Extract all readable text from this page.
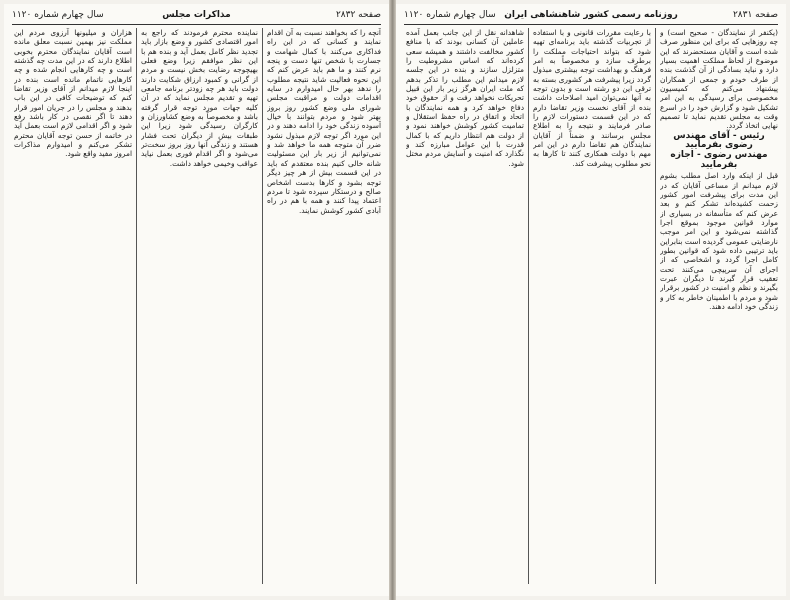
صفحه ۲۸۳۲
مذاکرات مجلس
سال چهارم شماره ۱۱۲۰

آنچه را که بخواهند نسبت به آن اقدام نمایند و کسانی که در این راه فداکاری می‌کنند با کمال شهامت و جسارت با شخص تنها دست و پنجه نرم کنند و ما هم باید عرض کنم که این نحوه فعالیت شاید نتیجه مطلوب را ندهد بهر حال امیدوارم در سایه اقدامات دولت و مراقبت مجلس شورای ملی وضع کشور روز بروز بهتر شود و مردم بتوانند با خیال آسوده زندگی خود را ادامه دهند و در این مورد اگر توجه لازم مبذول نشود ضرر آن متوجه همه ما خواهد شد و نمی‌توانیم از زیر بار این مسئولیت شانه خالی کنیم بنده معتقدم که باید در این قسمت بیش از هر چیز دیگر توجه بشود و کارها بدست اشخاص صالح و درستکار سپرده شود تا مردم اعتماد پیدا کنند و همه با هم در راه آبادی کشور کوشش نمایند.

نماینده محترم فرمودند که راجع به امور اقتصادی کشور و وضع بازار باید تجدید نظر کامل بعمل آید و بنده هم با این نظر موافقم زیرا وضع فعلی بهیچوجه رضایت بخش نیست و مردم از گرانی و کمبود ارزاق شکایت دارند دولت باید هر چه زودتر برنامه جامعی تهیه و تقدیم مجلس نماید که در آن کلیه جهات مورد توجه قرار گرفته باشد و مخصوصاً به وضع کشاورزان و کارگران رسیدگی شود زیرا این طبقات بیش از دیگران تحت فشار هستند و زندگی آنها روز بروز سخت‌تر می‌شود و اگر اقدام فوری بعمل نیاید عواقب وخیمی خواهد داشت.

هزاران و میلیونها آرزوی مردم این مملکت نیز بهمین نسبت معلق مانده است آقایان نمایندگان محترم بخوبی اطلاع دارند که در این مدت چه گذشته است و چه کارهایی انجام شده و چه کارهایی ناتمام مانده است بنده در اینجا لازم میدانم از آقای وزیر تقاضا کنم که توضیحات کافی در این باب بدهند و مجلس را در جریان امور قرار دهند تا اگر نقصی در کار باشد رفع شود و اگر اقدامی لازم است بعمل آید در خاتمه از حسن توجه آقایان محترم تشکر می‌کنم و امیدوارم مذاکرات امروز مفید واقع شود.

صفحه ۲۸۳۱
روزنامه رسمی کشور شاهنشاهی ایران
سال چهارم شماره ۱۱۲۰

(یکنفر از نمایندگان - صحیح است) و چه روزهایی که برای این منظور صرف شده است و آقایان مستحضرند که این موضوع از لحاظ مملکت اهمیت بسیار دارد و نباید بسادگی از آن گذشت بنده از طرف خودم و جمعی از همکاران پیشنهاد می‌کنم که کمیسیون مخصوصی برای رسیدگی به این امر تشکیل شود و گزارش خود را در اسرع وقت به مجلس تقدیم نماید تا تصمیم نهایی اتخاذ گردد.

رئیس - آقای مهندس رضوی بفرمایید

مهندس رضوی - اجازه بفرمایید

قبل از اینکه وارد اصل مطلب بشوم لازم میدانم از مساعی آقایان که در این مدت برای پیشرفت امور کشور زحمت کشیده‌اند تشکر کنم و بعد عرض کنم که متأسفانه در بسیاری از موارد قوانین موجود بموقع اجرا گذاشته نمی‌شود و این امر موجب نارضایتی عمومی گردیده است بنابراین باید ترتیبی داده شود که قوانین بطور کامل اجرا گردد و اشخاصی که از اجرای آن سرپیچی می‌کنند تحت تعقیب قرار گیرند تا دیگران عبرت بگیرند و نظم و امنیت در کشور برقرار شود و مردم با اطمینان خاطر به کار و زندگی خود ادامه دهند.

با رعایت مقررات قانونی و با استفاده از تجربیات گذشته باید برنامه‌ای تهیه شود که بتواند احتیاجات مملکت را برطرف سازد و مخصوصاً به امر فرهنگ و بهداشت توجه بیشتری مبذول گردد زیرا پیشرفت هر کشوری بسته به ترقی این دو رشته است و بدون توجه به آنها نمی‌توان امید اصلاحات داشت بنده از آقای نخست وزیر تقاضا دارم که در این قسمت دستورات لازم را صادر فرمایند و نتیجه را به اطلاع مجلس برسانند و ضمناً از آقایان نمایندگان هم تقاضا دارم در این امر مهم با دولت همکاری کنند تا کارها به نحو مطلوب پیشرفت کند.

شاهدانه نقل از این جانب بعمل آمده عاملین آن کسانی بودند که با منافع کشور مخالفت داشتند و همیشه سعی کرده‌اند که اساس مشروطیت را متزلزل سازند و بنده در این جلسه لازم میدانم این مطلب را تذکر بدهم که ملت ایران هرگز زیر بار این قبیل تحریکات نخواهد رفت و از حقوق خود دفاع خواهد کرد و همه نمایندگان با اتحاد و اتفاق در راه حفظ استقلال و تمامیت کشور کوشش خواهند نمود و از دولت هم انتظار داریم که با کمال قدرت با این عوامل مبارزه کند و نگذارد که امنیت و آسایش مردم مختل شود.
